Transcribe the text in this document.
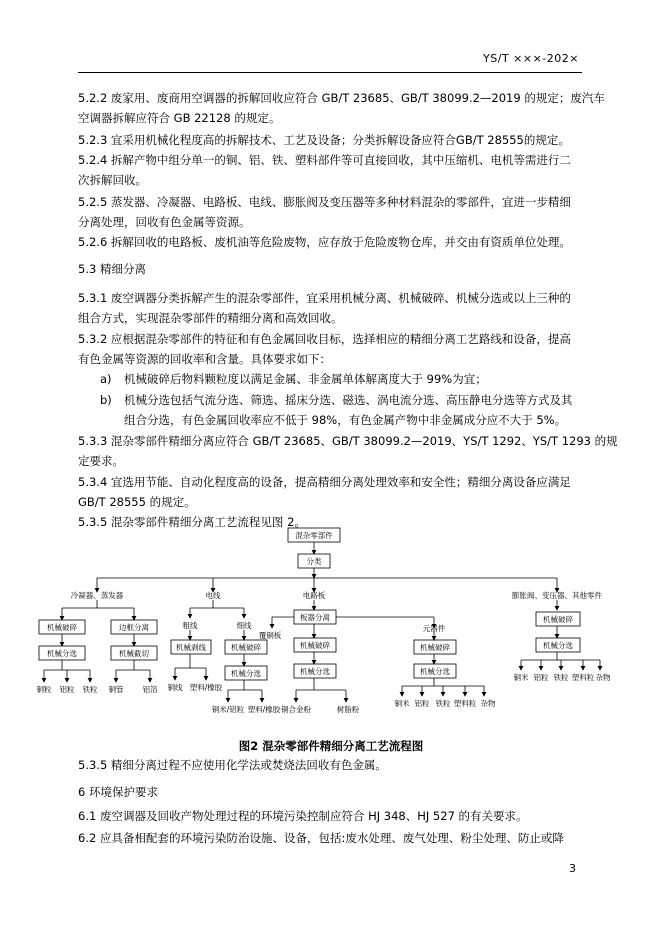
YS/T ×××-202×
5.2.2 废家用、废商用空调器的拆解回收应符合 GB/T 23685、GB/T 38099.2—2019 的规定；废汽车
空调器拆解应符合 GB 22128 的规定。
5.2.3 宜采用机械化程度高的拆解技术、工艺及设备；分类拆解设备应符合GB/T 28555的规定。
5.2.4 拆解产物中组分单一的铜、铝、铁、塑料部件等可直接回收，其中压缩机、电机等需进行二
次拆解回收。
5.2.5 蒸发器、冷凝器、电路板、电线、膨胀阀及变压器等多种材料混杂的零部件，宜进一步精细
分离处理，回收有色金属等资源。
5.2.6 拆解回收的电路板、废机油等危险废物，应存放于危险废物仓库，并交由有资质单位处理。
5.3 精细分离
5.3.1 废空调器分类拆解产生的混杂零部件，宜采用机械分离、机械破碎、机械分选或以上三种的
组合方式，实现混杂零部件的精细分离和高效回收。
5.3.2 应根据混杂零部件的特征和有色金属回收目标，选择相应的精细分离工艺路线和设备，提高
有色金属等资源的回收率和含量。具体要求如下：
a) 机械破碎后物料颗粒度以满足金属、非金属单体解离度大于 99%为宜；
b) 机械分选包括气流分选、筛选、摇床分选、磁选、涡电流分选、高压静电分选等方式及其
组合分选，有色金属回收率应不低于 98%，有色金属产物中非金属成分应不大于 5%。
5.3.3 混杂零部件精细分离应符合 GB/T 23685、GB/T 38099.2—2019、YS/T 1292、YS/T 1293 的规
定要求。
5.3.4 宜选用节能、自动化程度高的设备，提高精细分离处理效率和安全性；精细分离设备应满足
GB/T 28555 的规定。
5.3.5 混杂零部件精细分离工艺流程见图 2。
混杂零部件
分类
冷凝器、蒸发器	电线	电路板	膨胀阀、变压器、其他零件
机械破碎	边框分离
机械分选	机械截切
铜粒 铝粒 铁粒 铜管	铝箔
粗线	细线
机械剥线	机械破碎
机械分选
铜线 塑料/橡胶
铜米/铝粒 塑料/橡胶
板器分离
覆铜板
机械破碎
机械分选
铜合金粉	树脂粉
元器件
机械破碎
机械分选
铜米 铝粒 铁粒 塑料粒 杂物
机械破碎
机械分选
铜米 铝粒 铁粒 塑料粒 杂物
图2 混杂零部件精细分离工艺流程图
5.3.5 精细分离过程不应使用化学法或焚烧法回收有色金属。
6 环境保护要求
6.1 废空调器及回收产物处理过程的环境污染控制应符合 HJ 348、HJ 527 的有关要求。
6.2 应具备相配套的环境污染防治设施、设备，包括:废水处理、废气处理、粉尘处理、防止或降
3
